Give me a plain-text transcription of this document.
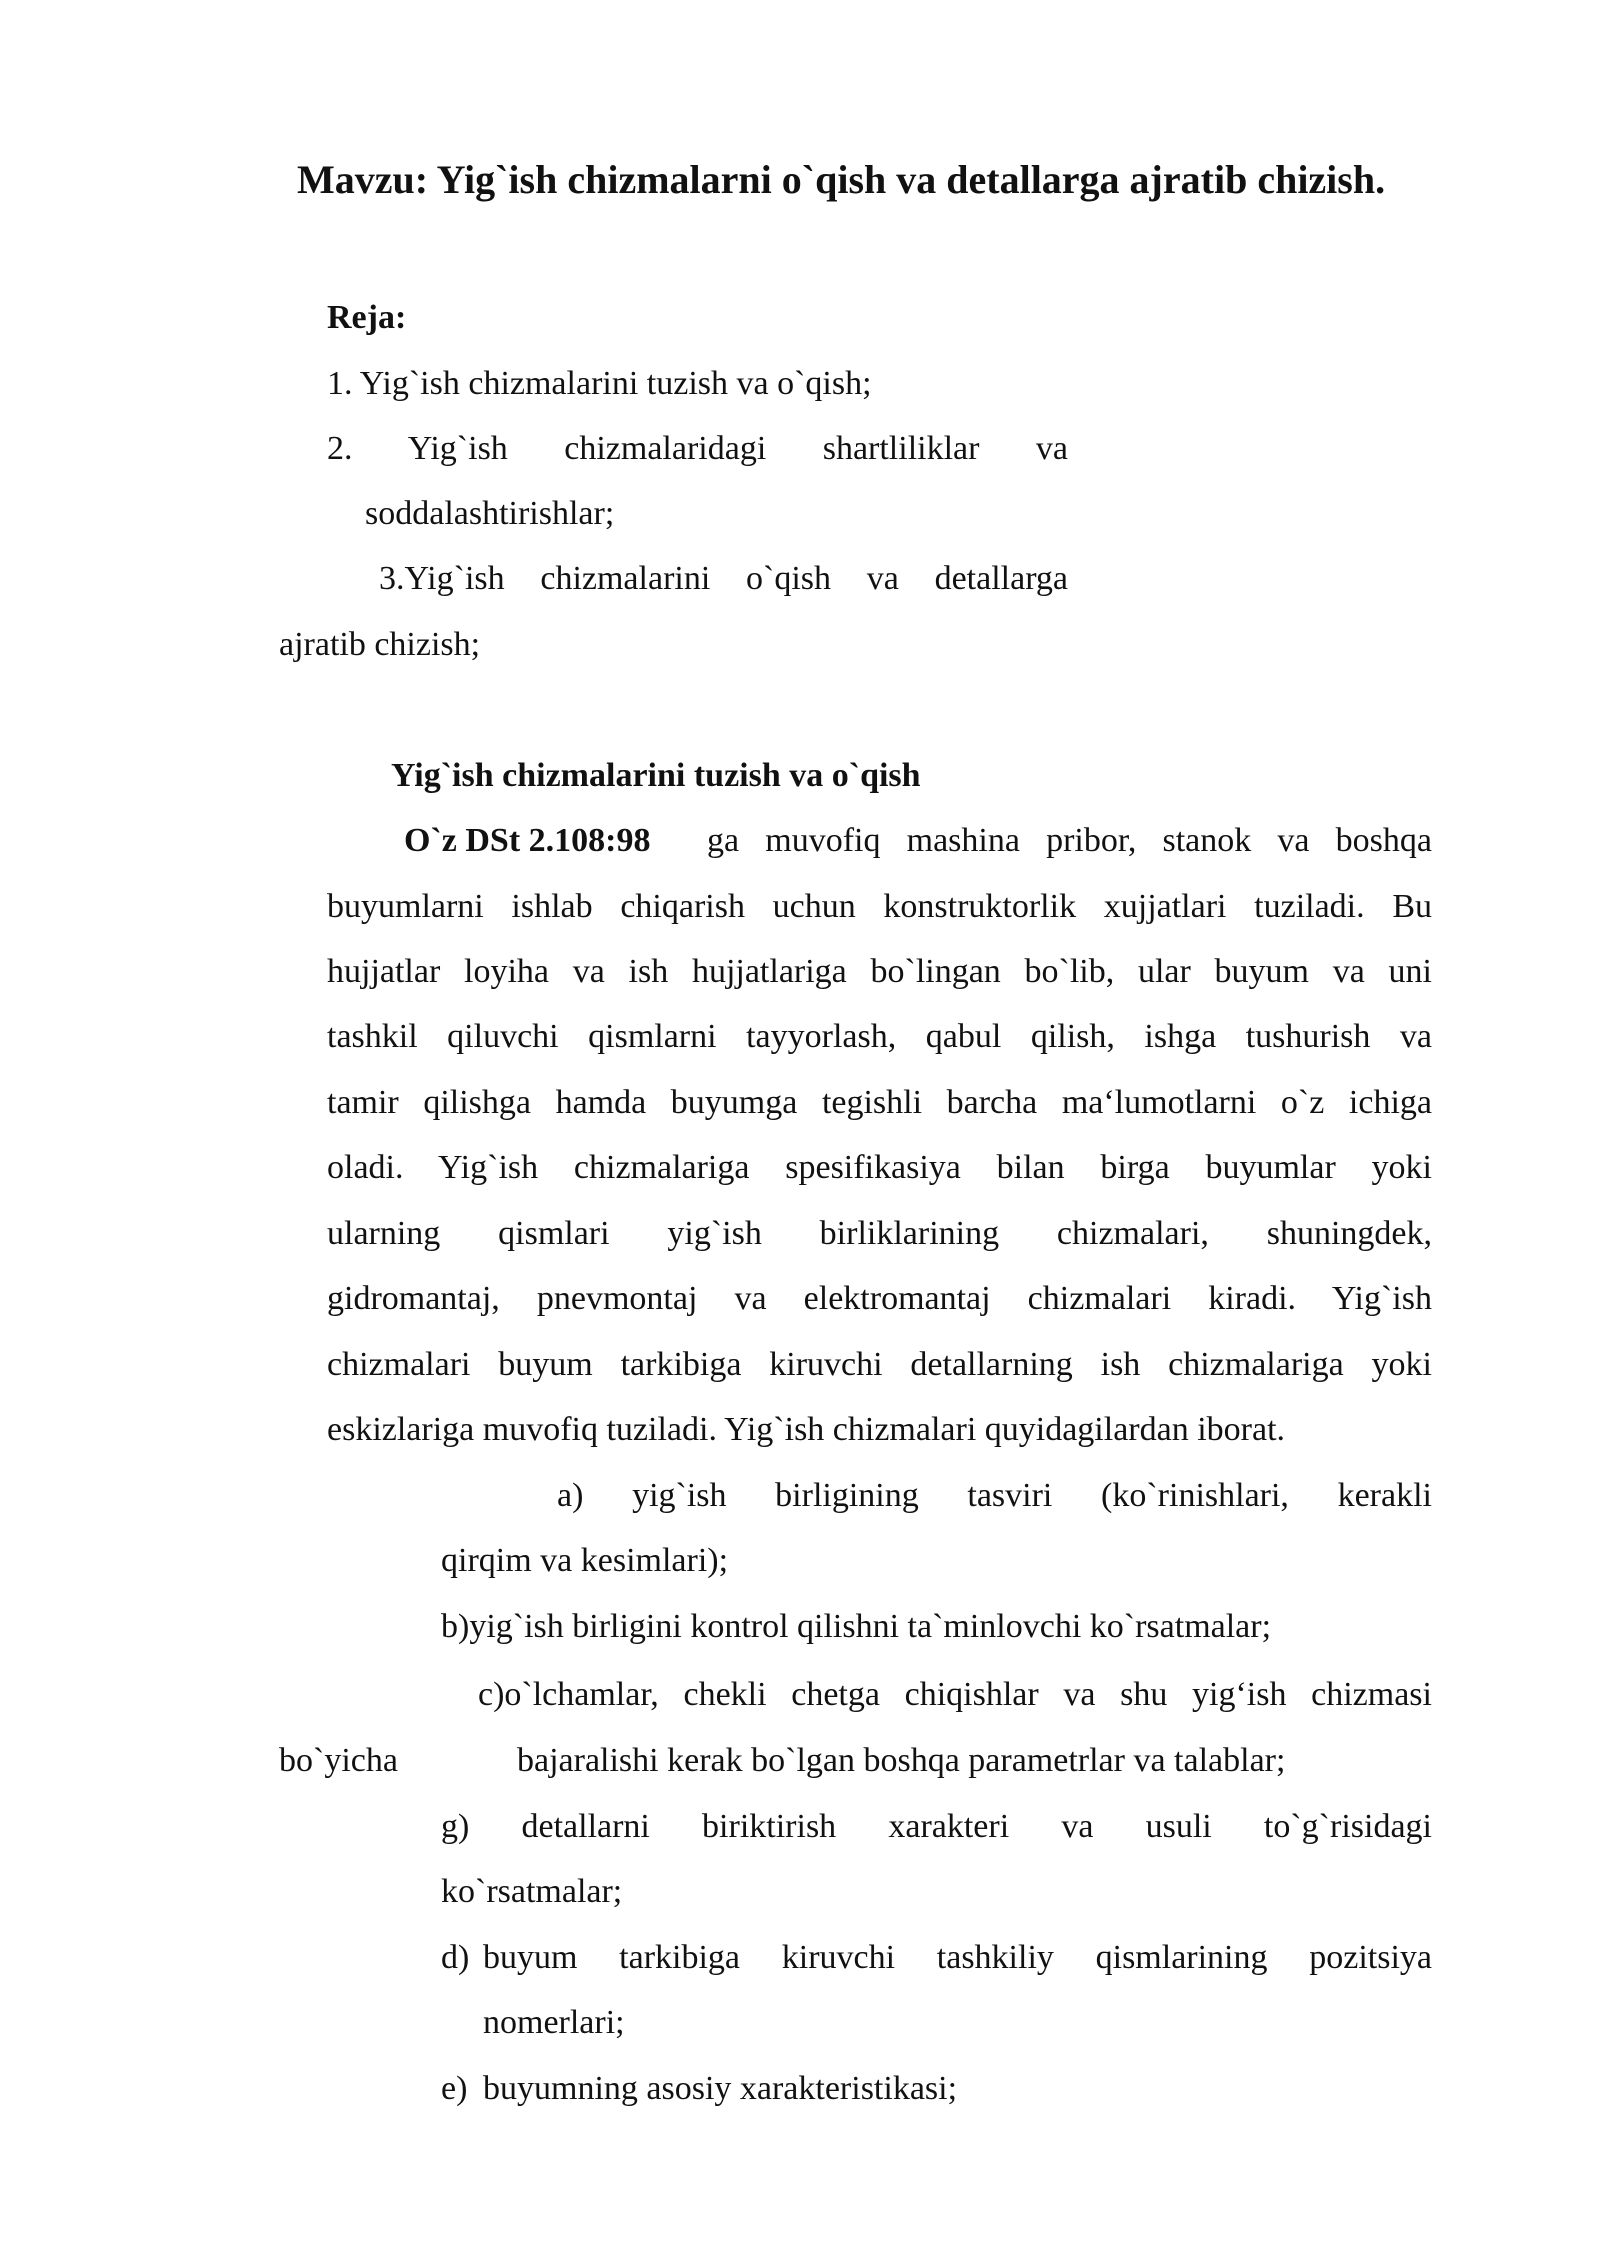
Mavzu: Yig`ish chizmalarni o`qish va detallarga ajratib chizish.
Reja:
1. Yig`ish chizmalarini tuzish va o`qish;
2. Yig`ish chizmalaridagi shartliliklar va
soddalashtirishlar;
3.Yig`ish chizmalarini o`qish va detallarga
ajratib chizish;
Yig`ish chizmalarini tuzish va o`qish
O`z DSt 2.108:98 ga muvofiq mashina pribor, stanok va boshqa
buyumlarni ishlab chiqarish uchun konstruktorlik xujjatlari tuziladi. Bu
hujjatlar loyiha va ish hujjatlariga bo`lingan bo`lib, ular buyum va uni
tashkil qiluvchi qismlarni tayyorlash, qabul qilish, ishga tushurish va
tamir qilishga hamda buyumga tegishli barcha ma‘lumotlarni o`z ichiga
oladi. Yig`ish chizmalariga spesifikasiya bilan birga buyumlar yoki
ularning qismlari yig`ish birliklarining chizmalari, shuningdek,
gidromantaj, pnevmontaj va elektromantaj chizmalari kiradi. Yig`ish
chizmalari buyum tarkibiga kiruvchi detallarning ish chizmalariga yoki
eskizlariga muvofiq tuziladi. Yig`ish chizmalari quyidagilardan iborat.
a) yig`ish birligining tasviri (ko`rinishlari, kerakli
qirqim va kesimlari);
b)yig`ish birligini kontrol qilishni ta`minlovchi ko`rsatmalar;
c)o`lchamlar, chekli chetga chiqishlar va shu yig‘ish chizmasi
bo`yicha	bajaralishi kerak bo`lgan boshqa parametrlar va talablar;
g) detallarni biriktirish xarakteri va usuli to`g`risidagi
ko`rsatmalar;
d) buyum tarkibiga kiruvchi tashkiliy qismlarining pozitsiya
nomerlari;
e) buyumning asosiy xarakteristikasi;
